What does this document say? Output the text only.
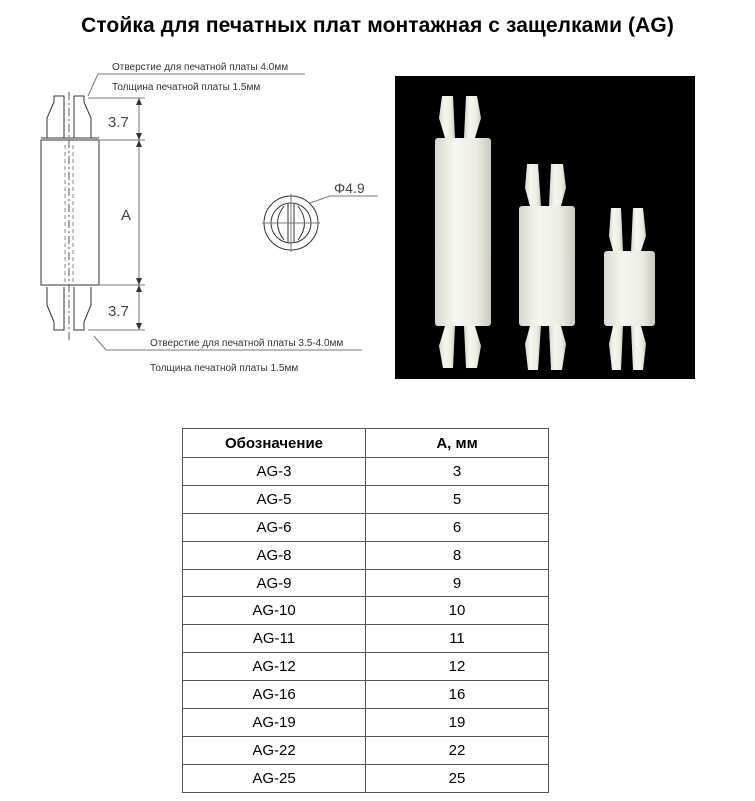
Стойка для печатных плат монтажная с защелками (AG)
Отверстие для печатной платы 4.0мм
Толщина печатной платы 1.5мм
3.7
A
3.7
Φ4.9
Отверстие для печатной платы 3.5-4.0мм
Толщина печатной платы 1.5мм
Обозначение	A, мм
AG-3	3
AG-5	5
AG-6	6
AG-8	8
AG-9	9
AG-10	10
AG-11	11
AG-12	12
AG-16	16
AG-19	19
AG-22	22
AG-25	25
